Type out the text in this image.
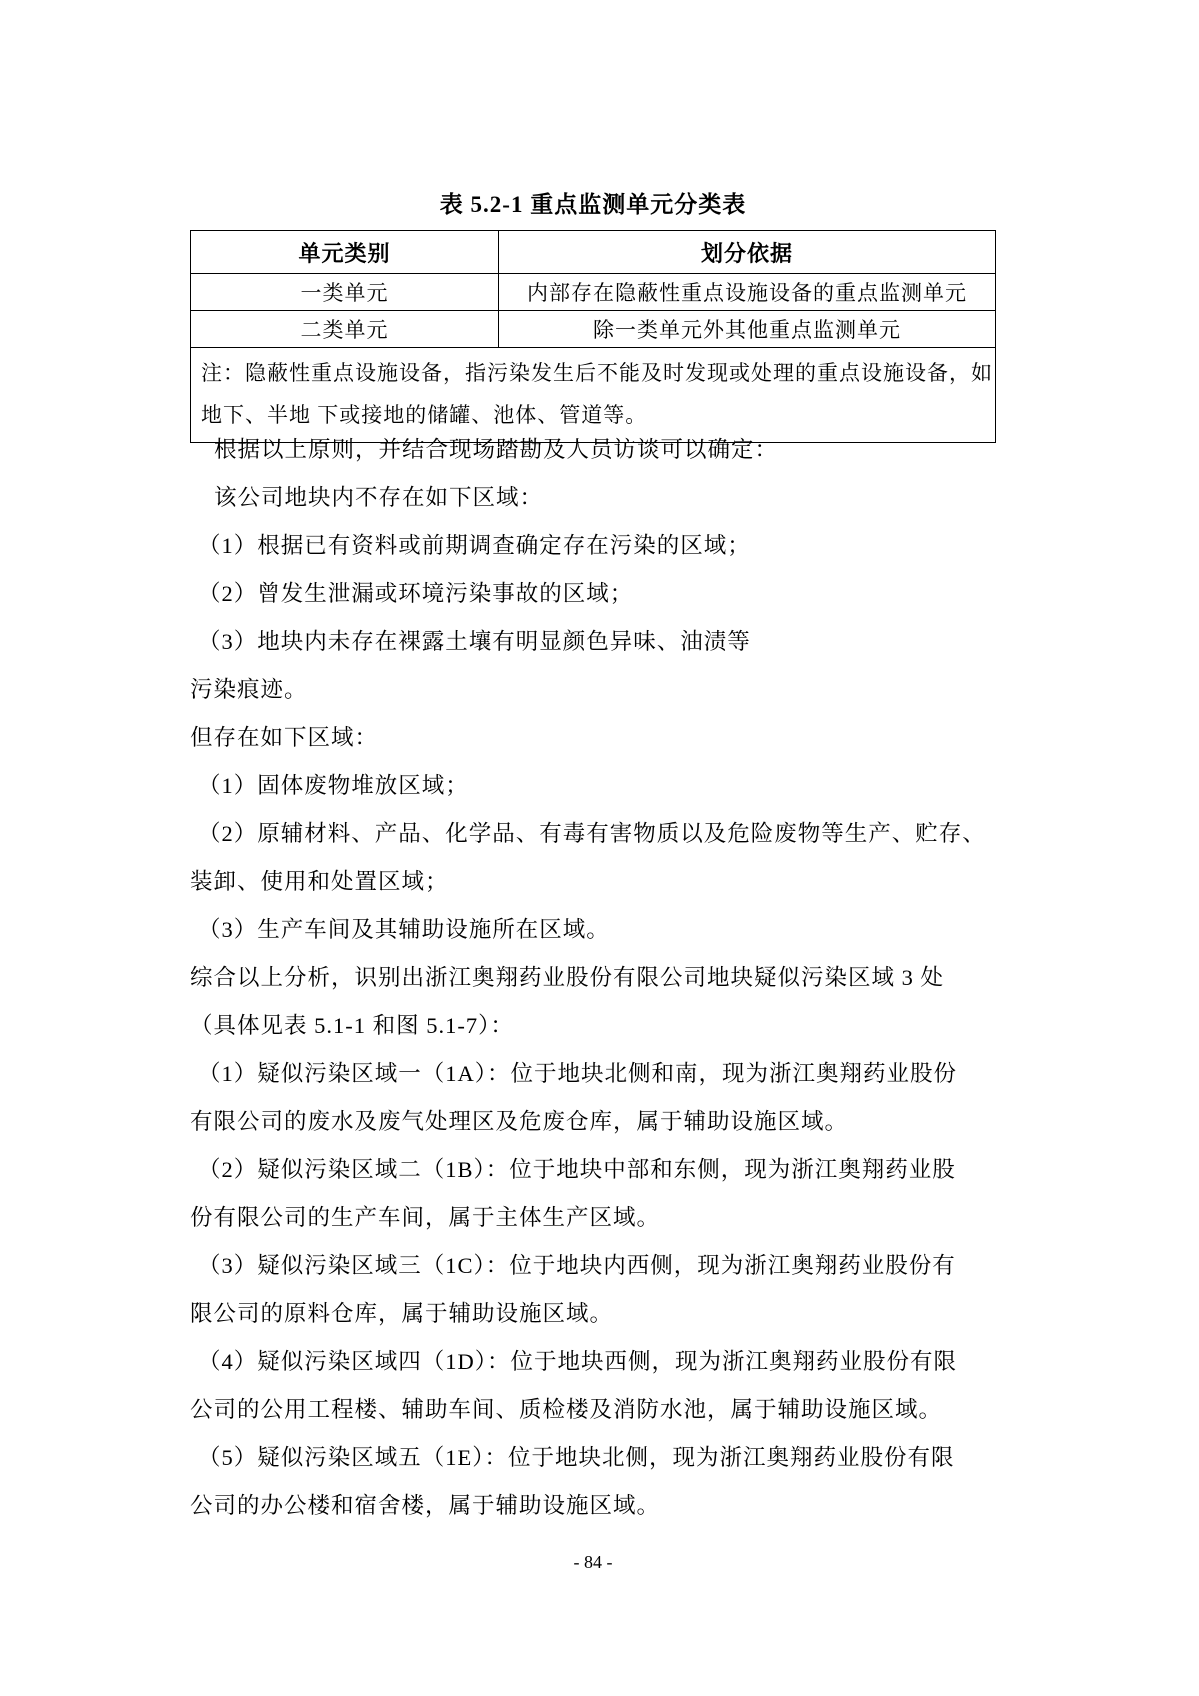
表 5.2-1 重点监测单元分类表
单元类别	划分依据
一类单元	内部存在隐蔽性重点设施设备的重点监测单元
二类单元	除一类单元外其他重点监测单元

注：隐蔽性重点设施设备，指污染发生后不能及时发现或处理的重点设施设备，如
地下、半地 下或接地的储罐、池体、管道等。	
根据以上原则，并结合现场踏勘及人员访谈可以确定：
该公司地块内不存在如下区域：
（1）根据已有资料或前期调查确定存在污染的区域；
（2）曾发生泄漏或环境污染事故的区域；
（3）地块内未存在裸露土壤有明显颜色异味、油渍等
污染痕迹。
但存在如下区域：
（1）固体废物堆放区域；
（2）原辅材料、产品、化学品、有毒有害物质以及危险废物等生产、贮存、
装卸、使用和处置区域；
（3）生产车间及其辅助设施所在区域。
综合以上分析，识别出浙江奥翔药业股份有限公司地块疑似污染区域 3 处
（具体见表 5.1-1 和图 5.1-7）：
（1）疑似污染区域一（1A）：位于地块北侧和南，现为浙江奥翔药业股份
有限公司的废水及废气处理区及危废仓库，属于辅助设施区域。
（2）疑似污染区域二（1B）：位于地块中部和东侧，现为浙江奥翔药业股
份有限公司的生产车间，属于主体生产区域。
（3）疑似污染区域三（1C）：位于地块内西侧，现为浙江奥翔药业股份有
限公司的原料仓库，属于辅助设施区域。
（4）疑似污染区域四（1D）：位于地块西侧，现为浙江奥翔药业股份有限
公司的公用工程楼、辅助车间、质检楼及消防水池，属于辅助设施区域。
（5）疑似污染区域五（1E）：位于地块北侧，现为浙江奥翔药业股份有限
公司的办公楼和宿舍楼，属于辅助设施区域。
- 84 -
